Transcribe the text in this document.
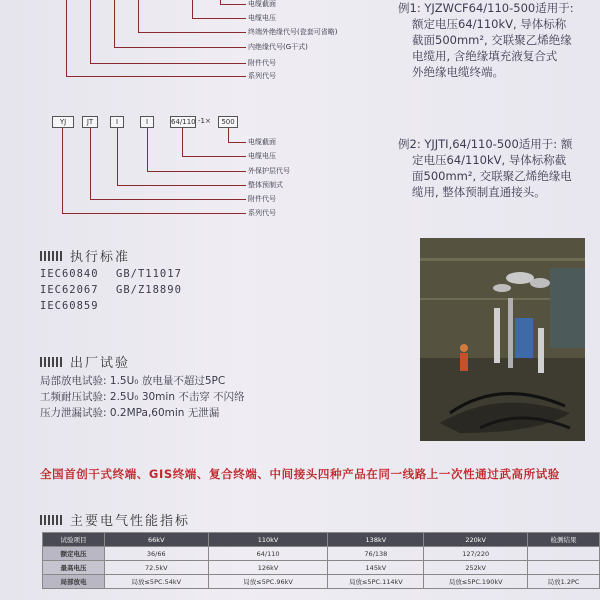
电缆截面
电缆电压
终端外绝缘代号(瓷套可省略)
内绝缘代号(G干式)
附件代号
系列代号
YJ	JT	I	I	64/110 -1×	500
电缆截面
电缆电压
外保护层代号
整体预制式
附件代号
系列代号
例1: YJZWCF64/110-500适用于:
额定电压64/110kV, 导体标称
截面500mm², 交联聚乙烯绝缘
电缆用, 含绝缘填充液复合式
外绝缘电缆终端。
例2: YJJTI,64/110-500适用于: 额
定电压64/110kV, 导体标称截
面500mm², 交联聚乙烯绝缘电
缆用, 整体预制直通接头。
执行标准
IEC60840 GB/T11017
IEC62067 GB/Z18890
IEC60859
出厂试验
局部放电试验: 1.5U₀ 放电量不超过5PC
工频耐压试验: 2.5U₀ 30min 不击穿 不闪络
压力泄漏试验: 0.2MPa,60min 无泄漏
全国首创干式终端、GIS终端、复合终端、中间接头四种产品在同一线路上一次性通过武高所试验
主要电气性能指标
试验项目	66kV	110kV	138kV	220kV	检测结果
额定电压	36/66	64/110	76/138	127/220	
最高电压	72.5kV	126kV	145kV	252kV	
局部放电	局放≤5PC.54kV	局放≤5PC.96kV	局放≤5PC.114kV	局放≤5PC.190kV	局放1.2PC
